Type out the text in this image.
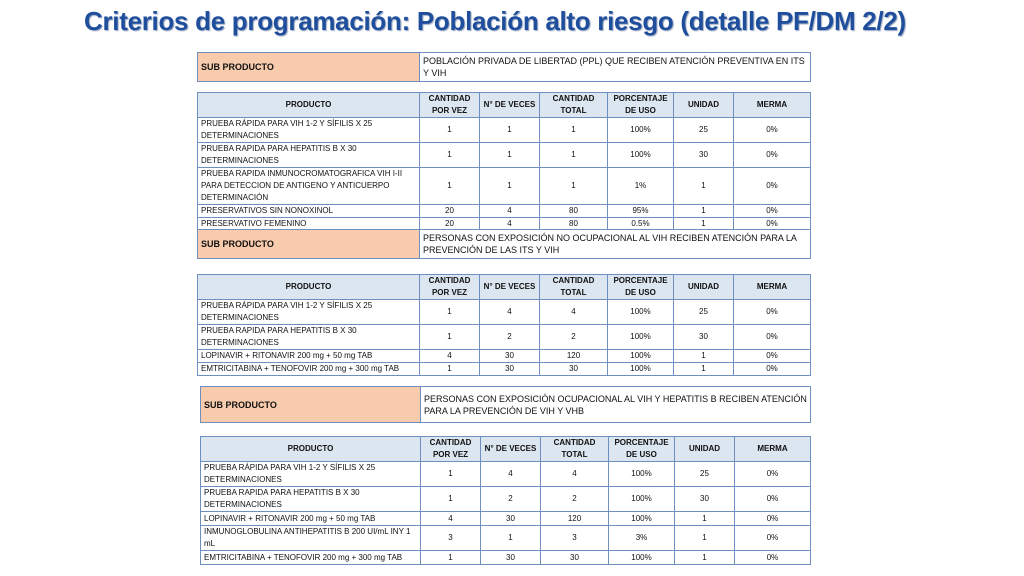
Criterios de programación: Población alto riesgo (detalle PF/DM 2/2)
SUB PRODUCTO	POBLACIÓN PRIVADA DE LIBERTAD (PPL) QUE RECIBEN ATENCIÓN PREVENTIVA EN ITS Y VIH
PRODUCTO	CANTIDAD POR VEZ	N° DE VECES	CANTIDAD TOTAL	PORCENTAJE DE USO	UNIDAD	MERMA
PRUEBA RÁPIDA PARA VIH 1-2 Y SÍFILIS X 25 DETERMINACIONES	1	1	1	100%	25	0%
PRUEBA RAPIDA PARA HEPATITIS B X 30 DETERMINACIONES	1	1	1	100%	30	0%
PRUEBA RAPIDA INMUNOCROMATOGRAFICA VIH I-II PARA DETECCION DE ANTIGENO Y ANTICUERPO DETERMINACIÓN	1	1	1	1%	1	0%
PRESERVATIVOS SIN NONOXINOL	20	4	80	95%	1	0%
PRESERVATIVO FEMENINO	20	4	80	0.5%	1	0%
SUB PRODUCTO	PERSONAS CON EXPOSICIÓN NO OCUPACIONAL AL VIH RECIBEN ATENCIÓN PARA LA PREVENCIÓN DE LAS ITS Y VIH
PRODUCTO	CANTIDAD POR VEZ	N° DE VECES	CANTIDAD TOTAL	PORCENTAJE DE USO	UNIDAD	MERMA
PRUEBA RÁPIDA PARA VIH 1-2 Y SÍFILIS X 25 DETERMINACIONES	1	4	4	100%	25	0%
PRUEBA RAPIDA PARA HEPATITIS B X 30 DETERMINACIONES	1	2	2	100%	30	0%
LOPINAVIR + RITONAVIR 200 mg + 50 mg TAB	4	30	120	100%	1	0%
EMTRICITABINA + TENOFOVIR 200 mg + 300 mg TAB	1	30	30	100%	1	0%
SUB PRODUCTO	PERSONAS CON EXPOSICIÓN OCUPACIONAL AL VIH Y HEPATITIS B RECIBEN ATENCIÓN PARA LA PREVENCIÓN DE VIH Y VHB
PRODUCTO	CANTIDAD POR VEZ	N° DE VECES	CANTIDAD TOTAL	PORCENTAJE DE USO	UNIDAD	MERMA
PRUEBA RÁPIDA PARA VIH 1-2 Y SÍFILIS X 25 DETERMINACIONES	1	4	4	100%	25	0%
PRUEBA RAPIDA PARA HEPATITIS B X 30 DETERMINACIONES	1	2	2	100%	30	0%
LOPINAVIR + RITONAVIR 200 mg + 50 mg TAB	4	30	120	100%	1	0%
INMUNOGLOBULINA ANTIHEPATITIS B 200 UI/mL INY 1 mL	3	1	3	3%	1	0%
EMTRICITABINA + TENOFOVIR 200 mg + 300 mg TAB	1	30	30	100%	1	0%
